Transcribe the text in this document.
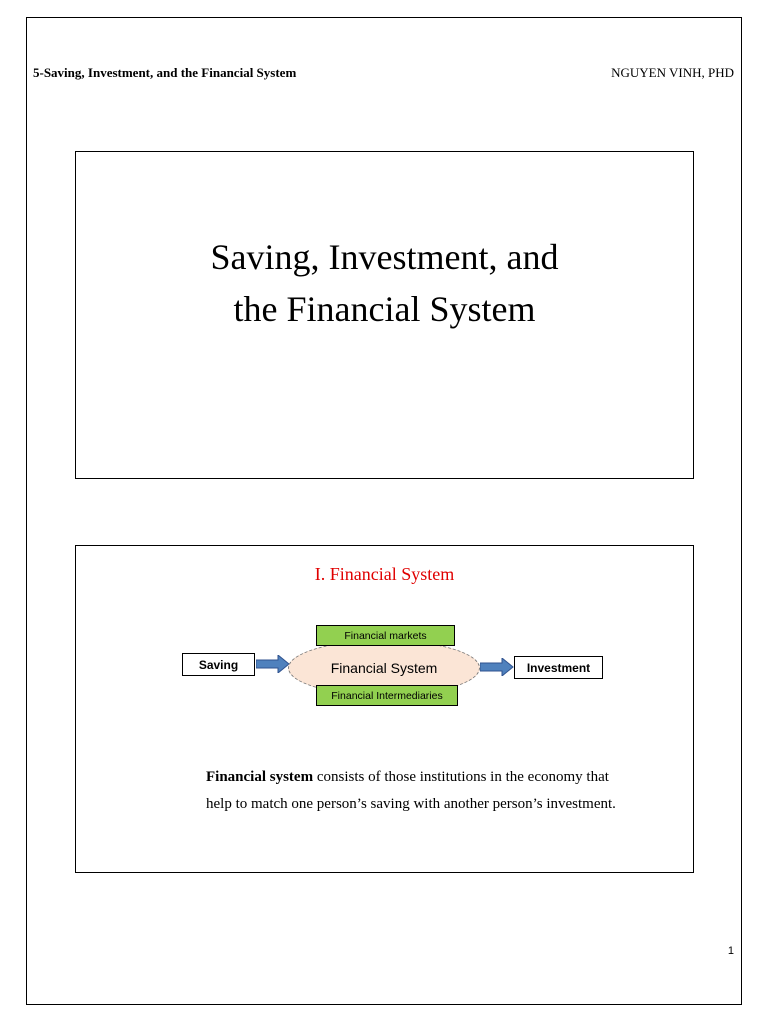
5-Saving, Investment, and the Financial System	NGUYEN VINH, PHD
Saving, Investment, and
the Financial System
I. Financial System
Saving	Financial System
Financial markets
Financial Intermediaries
Investment
Financial system consists of those institutions in the economy that help to match one person’s saving with another person’s investment.
1
